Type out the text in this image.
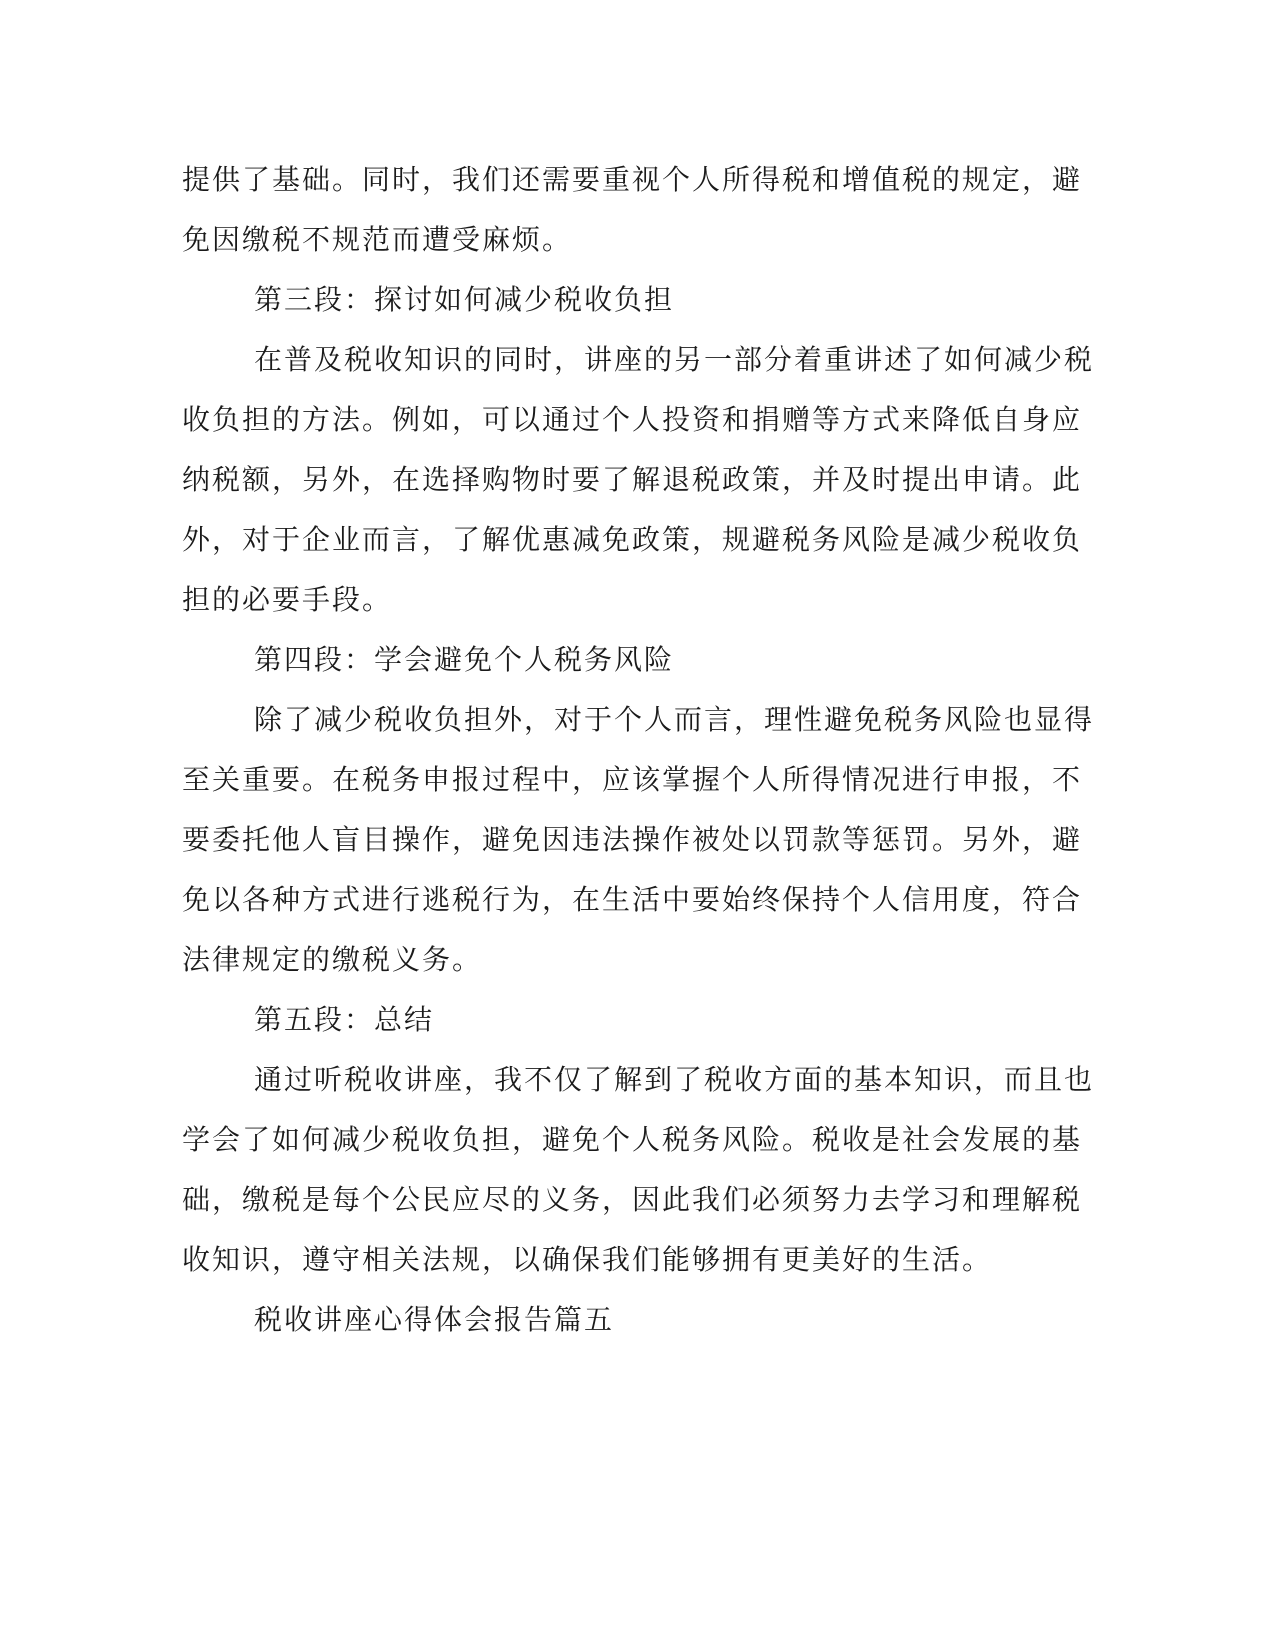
提供了基础。同时，我们还需要重视个人所得税和增值税的规定，避
免因缴税不规范而遭受麻烦。
第三段：探讨如何减少税收负担
在普及税收知识的同时，讲座的另一部分着重讲述了如何减少税
收负担的方法。例如，可以通过个人投资和捐赠等方式来降低自身应
纳税额，另外，在选择购物时要了解退税政策，并及时提出申请。此
外，对于企业而言，了解优惠减免政策，规避税务风险是减少税收负
担的必要手段。
第四段：学会避免个人税务风险
除了减少税收负担外，对于个人而言，理性避免税务风险也显得
至关重要。在税务申报过程中，应该掌握个人所得情况进行申报，不
要委托他人盲目操作，避免因违法操作被处以罚款等惩罚。另外，避
免以各种方式进行逃税行为，在生活中要始终保持个人信用度，符合
法律规定的缴税义务。
第五段：总结
通过听税收讲座，我不仅了解到了税收方面的基本知识，而且也
学会了如何减少税收负担，避免个人税务风险。税收是社会发展的基
础，缴税是每个公民应尽的义务，因此我们必须努力去学习和理解税
收知识，遵守相关法规，以确保我们能够拥有更美好的生活。
税收讲座心得体会报告篇五
